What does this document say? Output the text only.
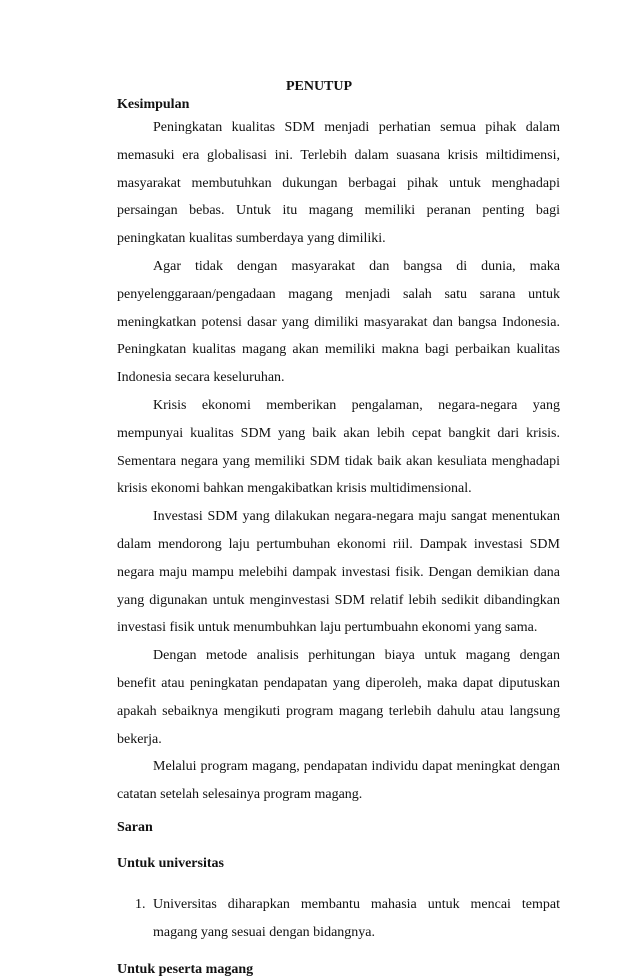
PENUTUP

Kesimpulan

Peningkatan kualitas SDM menjadi perhatian semua pihak dalam memasuki era globalisasi ini. Terlebih dalam suasana krisis miltidimensi, masyarakat membutuhkan dukungan berbagai pihak untuk menghadapi persaingan bebas. Untuk itu magang memiliki peranan penting bagi peningkatan kualitas sumberdaya yang dimiliki.

Agar tidak dengan masyarakat dan bangsa di dunia, maka penyelenggaraan/pengadaan magang menjadi salah satu sarana untuk meningkatkan potensi dasar yang dimiliki masyarakat dan bangsa Indonesia. Peningkatan kualitas magang akan memiliki makna bagi perbaikan kualitas Indonesia secara keseluruhan.

Krisis ekonomi memberikan pengalaman, negara-negara yang mempunyai kualitas SDM yang baik akan lebih cepat bangkit dari krisis. Sementara negara yang memiliki SDM tidak baik akan kesuliata menghadapi krisis ekonomi bahkan mengakibatkan krisis multidimensional.

Investasi SDM yang dilakukan negara-negara maju sangat menentukan dalam mendorong laju pertumbuhan ekonomi riil. Dampak investasi SDM negara maju mampu melebihi dampak investasi fisik. Dengan demikian dana yang digunakan untuk menginvestasi SDM relatif lebih sedikit dibandingkan investasi fisik untuk menumbuhkan laju pertumbuahn ekonomi yang sama.

Dengan metode analisis perhitungan biaya untuk magang dengan benefit atau peningkatan pendapatan yang diperoleh, maka dapat diputuskan apakah sebaiknya mengikuti program magang terlebih dahulu atau langsung bekerja.

Melalui program magang, pendapatan individu dapat meningkat dengan catatan setelah selesainya program magang.

Saran

Untuk universitas

1. Universitas diharapkan membantu mahasia untuk mencai tempat magang yang sesuai dengan bidangnya.

Untuk peserta magang
